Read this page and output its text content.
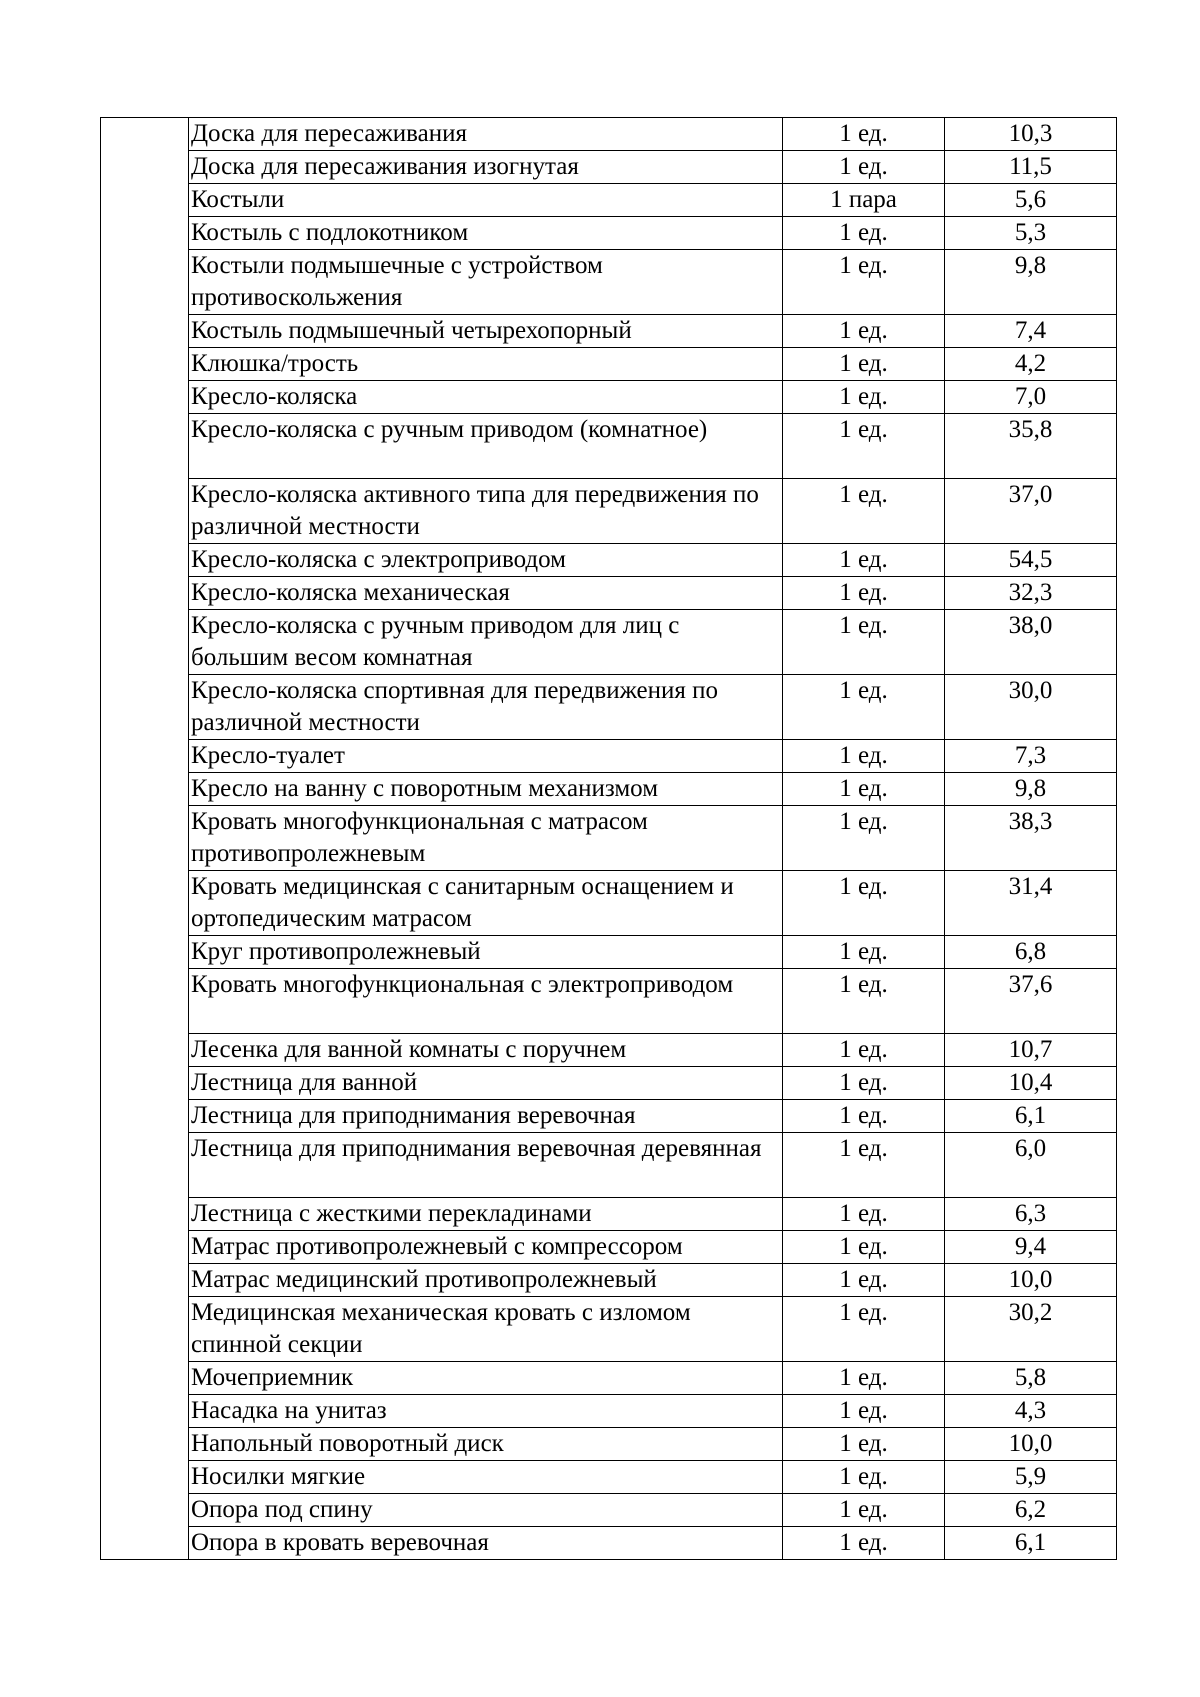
	Доска для пересаживания	1 ед.	10,3
	Доска для пересаживания изогнутая	1 ед.	11,5
	Костыли	1 пара	5,6
	Костыль с подлокотником	1 ед.	5,3
	Костыли подмышечные с устройством противоскольжения	1 ед.	9,8
	Костыль подмышечный четырехопорный	1 ед.	7,4
	Клюшка/трость	1 ед.	4,2
	Кресло-коляска	1 ед.	7,0
	Кресло-коляска с ручным приводом (комнатное)	1 ед.	35,8
	Кресло-коляска активного типа для передвижения по различной местности	1 ед.	37,0
	Кресло-коляска с электроприводом	1 ед.	54,5
	Кресло-коляска механическая	1 ед.	32,3
	Кресло-коляска с ручным приводом для лиц с большим весом комнатная	1 ед.	38,0
	Кресло-коляска спортивная для передвижения по различной местности	1 ед.	30,0
	Кресло-туалет	1 ед.	7,3
	Кресло на ванну с поворотным механизмом	1 ед.	9,8
	Кровать многофункциональная с матрасом противопролежневым	1 ед.	38,3
	Кровать медицинская с санитарным оснащением и ортопедическим матрасом	1 ед.	31,4
	Круг противопролежневый	1 ед.	6,8
	Кровать многофункциональная с электроприводом	1 ед.	37,6
	Лесенка для ванной комнаты с поручнем	1 ед.	10,7
	Лестница для ванной	1 ед.	10,4
	Лестница для приподнимания веревочная	1 ед.	6,1
	Лестница для приподнимания веревочная деревянная	1 ед.	6,0
	Лестница с жесткими перекладинами	1 ед.	6,3
	Матрас противопролежневый с компрессором	1 ед.	9,4
	Матрас медицинский противопролежневый	1 ед.	10,0
	Медицинская механическая кровать с изломом спинной секции	1 ед.	30,2
	Мочеприемник	1 ед.	5,8
	Насадка на унитаз	1 ед.	4,3
	Напольный поворотный диск	1 ед.	10,0
	Носилки мягкие	1 ед.	5,9
	Опора под спину	1 ед.	6,2
	Опора в кровать веревочная	1 ед.	6,1
